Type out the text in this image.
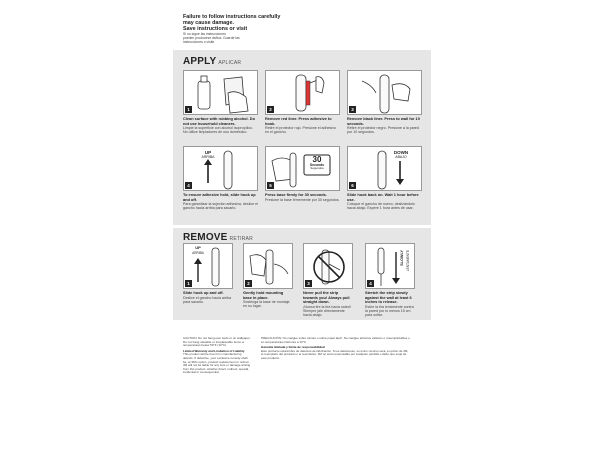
Failure to follow instructions carefully
may cause damage.
Save instructions or visit
Si no sigue las instrucciones
pueden producirse daños. Guarde las
instrucciones o visite
APPLY APLICAR
1
Clean surface with rubbing alcohol. Do not use household cleaners.
Limpie la superficie con alcohol isopropílico. No utilice limpiadores de uso doméstico.
2
Remove red liner. Press adhesive to hook.
Retire el protector rojo. Presione el adhesivo en el gancho.
3
Remove black liner. Press to wall for 10 seconds.
Retire el protector negro. Presione a la pared por 10 segundos.
UP
ARRIBA
4
To ensure adhesive hold, slide hook up and off.
Para garantizar la sujeción adhesiva, deslice el gancho hacia arriba para sacarlo.
30
Seconds
Segundos
5
Press base firmly for 30 seconds.
Presione la base firmemente por 30 segundos.
DOWN
ABAJO
6
Slide hook back on. Wait 1 hour before use.
Coloque el gancho de nuevo, deslizándolo hacia abajo. Espere 1 hora antes de usar.
REMOVE RETIRAR
UP
ARRIBA
1
Slide hook up and off.
Deslice el gancho hacia arriba para sacarlo.
2
Gently hold mounting base in place.
Sostenga la base de montaje en su lugar.
3
Never pull the strip towards you! Always pull straight down.
¡Nunca tire la tira hacia usted! Siempre jale directamente hacia abajo.
SLOWLY LENTAMENTE
4
Stretch the strip slowly against the wall at least 6 inches to release.
Estire la tira lentamente contra la pared por lo menos 15 cm para soltar.
CAUTION: Do not hang over beds or on wallpaper. Do not hang valuable or irreplaceable items or temperatures below 50°F (10°C).
Limited Warranty and Limitation of Liability
This product will be free from manufacturing defects. If defective, your exclusive remedy shall be, at 3M's option, product replacement or refund. 3M will not be liable for any loss or damage arising from this product, whether direct, indirect, special, incidental or consequential.
PRECAUCIÓN: No cuelgue sobre camas o sobre papel tapiz. No cuelgue artículos valiosos o irreemplazables o en temperaturas inferiores a 10°C.
Garantía limitada y límite de responsabilidad
Este producto estará libre de defectos de fabricación. Si es defectuoso, su único recurso será, a opción de 3M, el reemplazo del producto o el reembolso. 3M no será responsable por cualquier pérdida o daño que surja de este producto.
